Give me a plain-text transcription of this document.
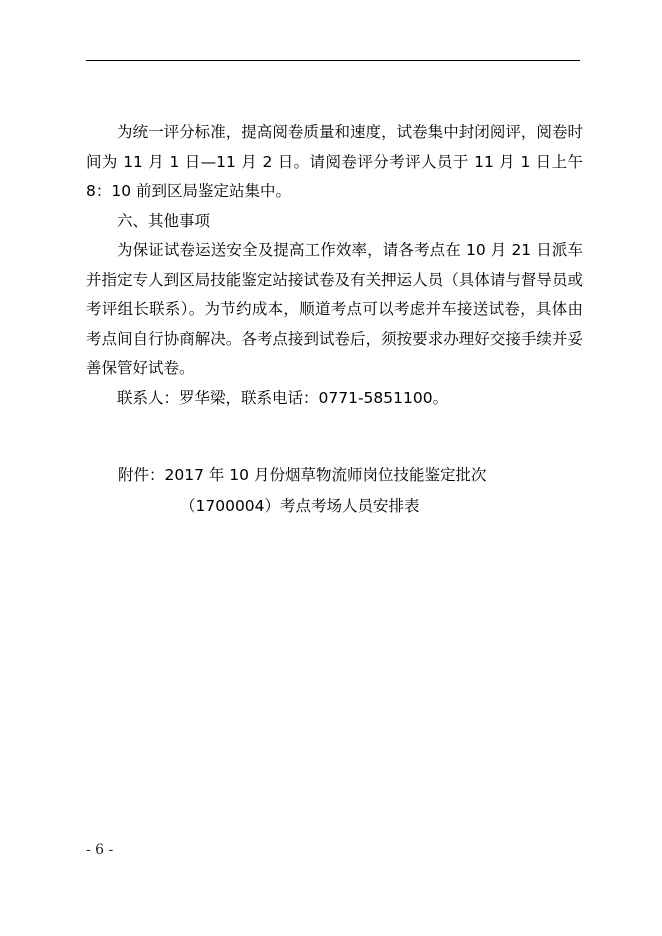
为统一评分标准，提高阅卷质量和速度，试卷集中封闭阅评，阅卷时间为 11 月 1 日—11 月 2 日。请阅卷评分考评人员于 11 月 1 日上午 8：10 前到区局鉴定站集中。

六、其他事项

为保证试卷运送安全及提高工作效率，请各考点在 10 月 21 日派车并指定专人到区局技能鉴定站接试卷及有关押运人员（具体请与督导员或考评组长联系）。为节约成本，顺道考点可以考虑并车接送试卷，具体由考点间自行协商解决。各考点接到试卷后，须按要求办理好交接手续并妥善保管好试卷。

联系人：罗华梁，联系电话：0771-5851100。

附件：2017 年 10 月份烟草物流师岗位技能鉴定批次

（1700004）考点考场人员安排表

- 6 -
